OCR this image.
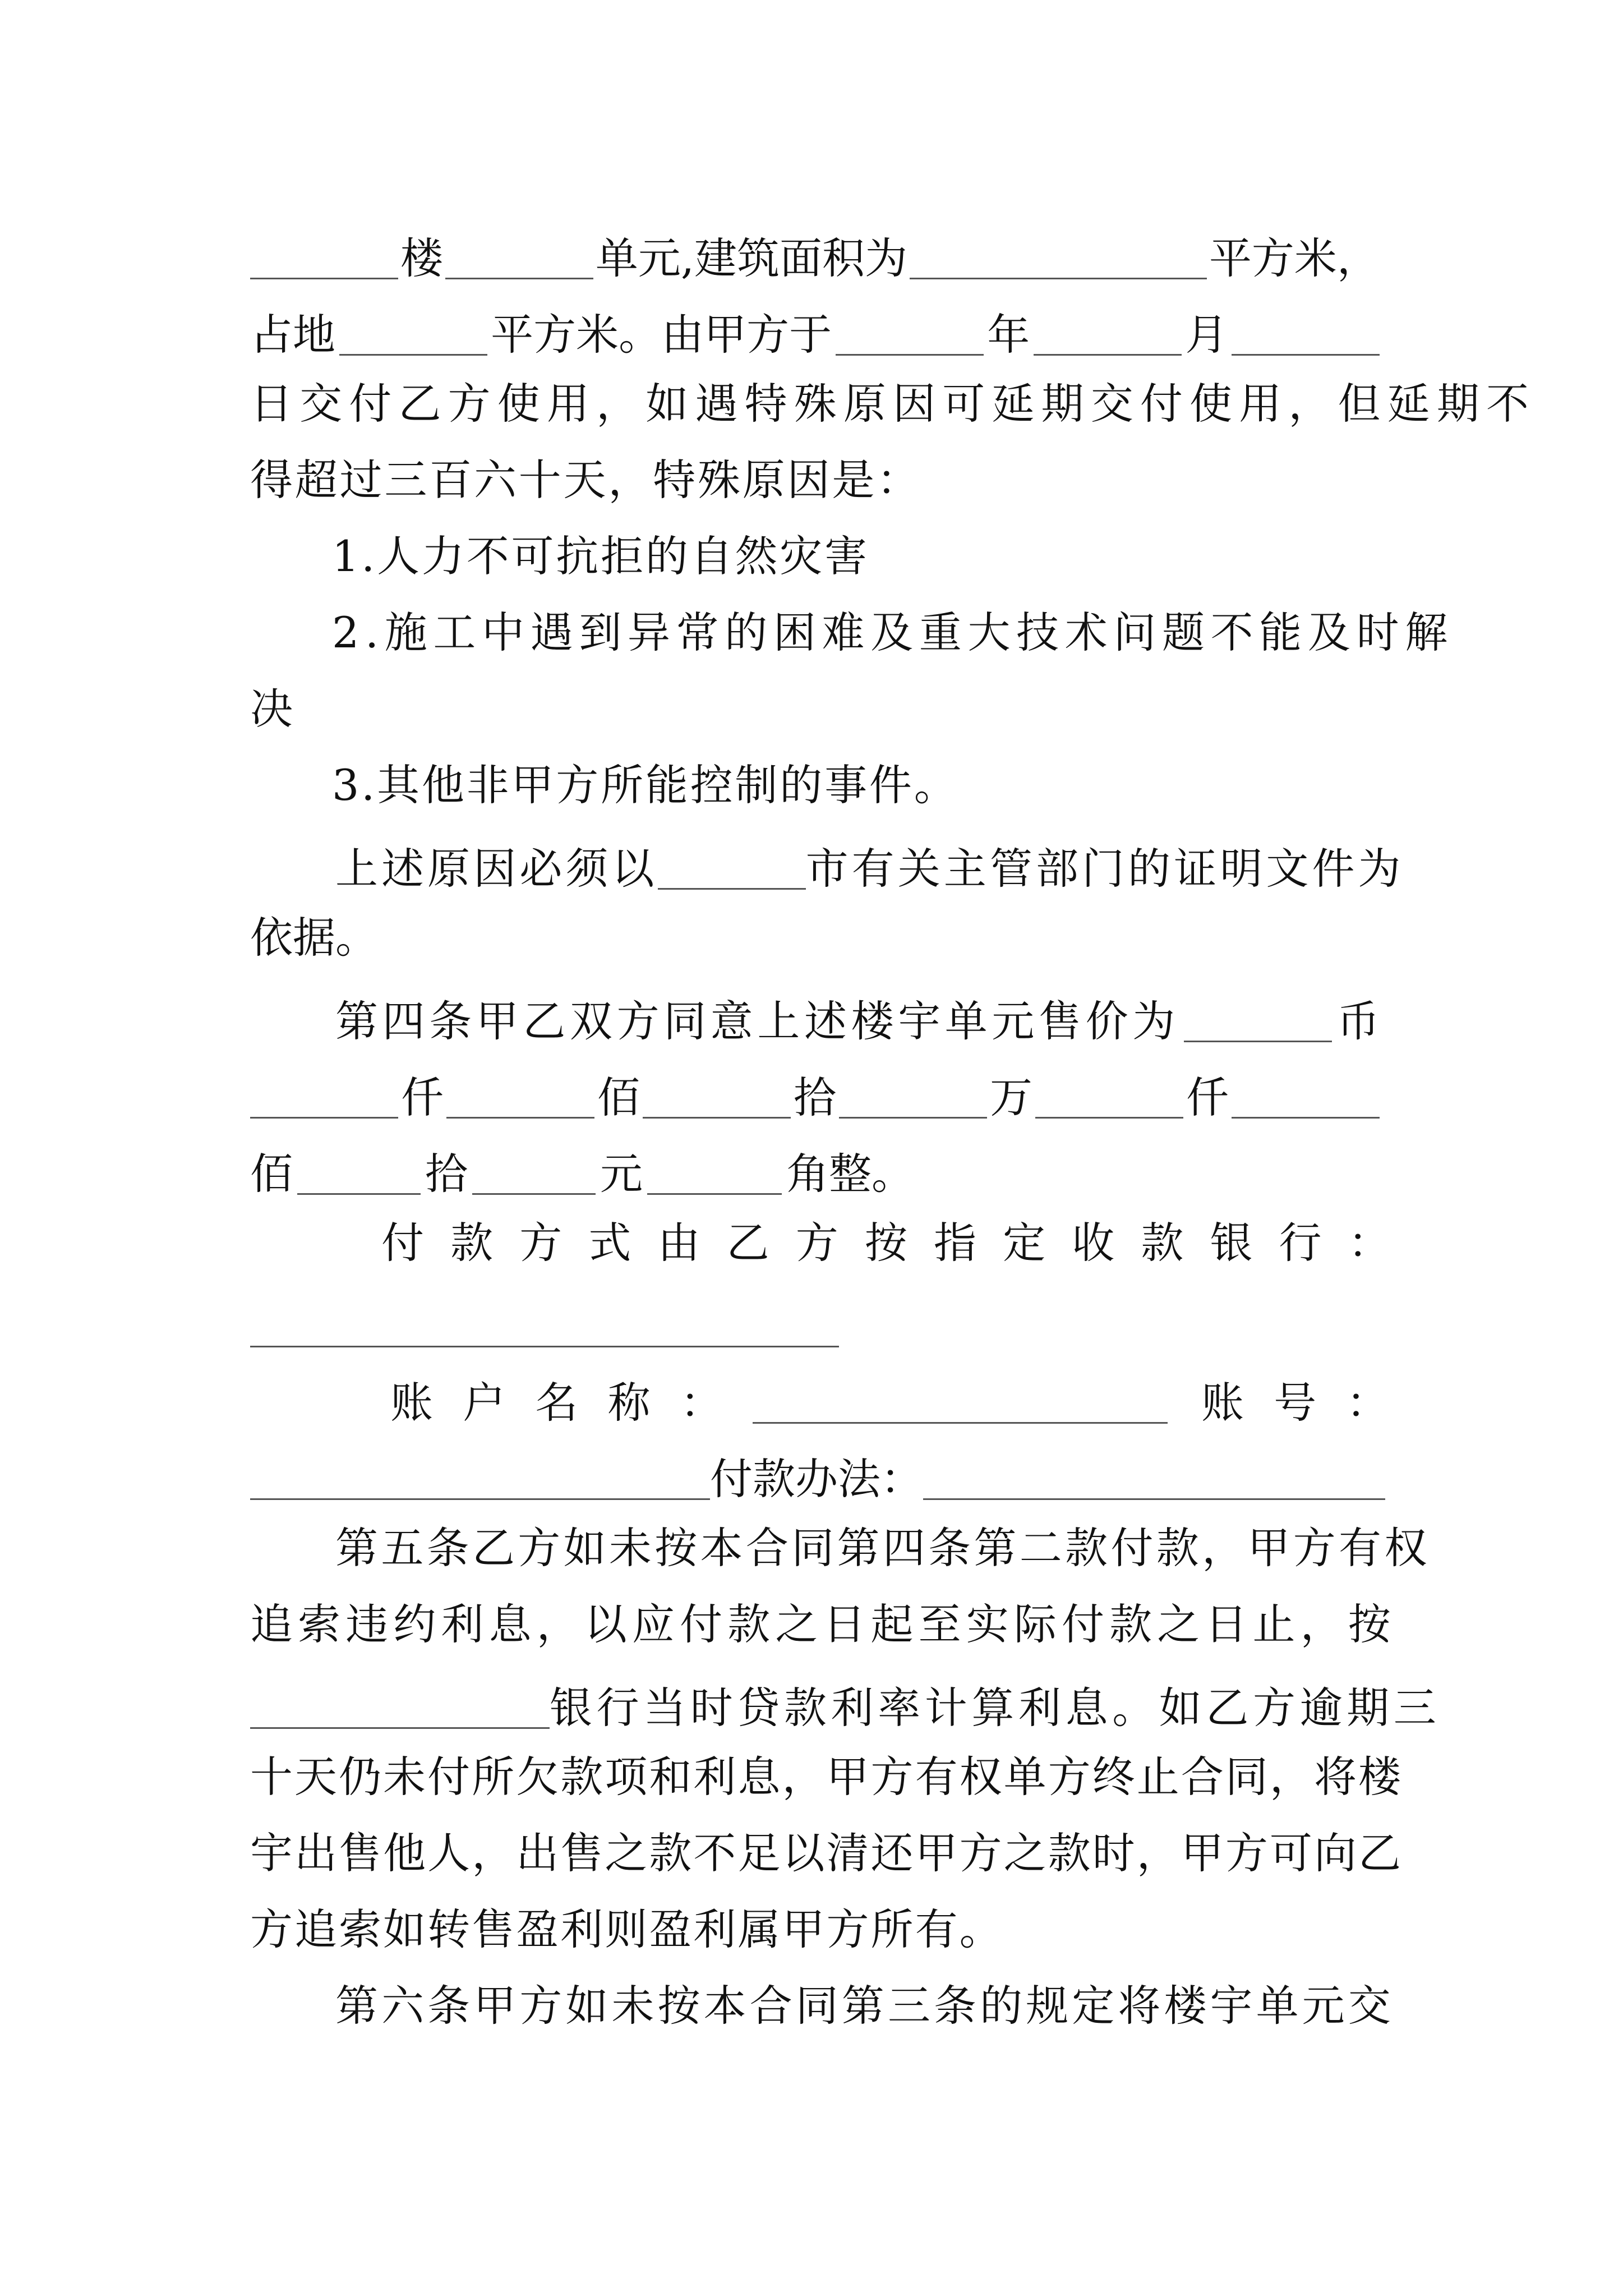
楼	单元,建筑面积为	平方米，
占地	平方米。由甲方于	年	月
日交付乙方使用，如遇特殊原因可延期交付使用，但延期不
得超过三百六十天，特殊原因是：
1.人力不可抗拒的自然灾害
2.施工中遇到异常的困难及重大技术问题不能及时解
决
3.其他非甲方所能控制的事件。
上述原因必须以	市有关主管部门的证明文件为
依据。
第四条甲乙双方同意上述楼宇单元售价为	币
仟	佰	拾	万	仟
佰	拾	元	角整。
付款方式由乙方按指定收款银行：
账户名称：	账号：
付款办法：
第五条乙方如未按本合同第四条第二款付款，甲方有权
追索违约利息，以应付款之日起至实际付款之日止，按
银行当时贷款利率计算利息。如乙方逾期三
十天仍未付所欠款项和利息，甲方有权单方终止合同，将楼
宇出售他人，出售之款不足以清还甲方之款时，甲方可向乙
方追索如转售盈利则盈利属甲方所有。
第六条甲方如未按本合同第三条的规定将楼宇单元交
